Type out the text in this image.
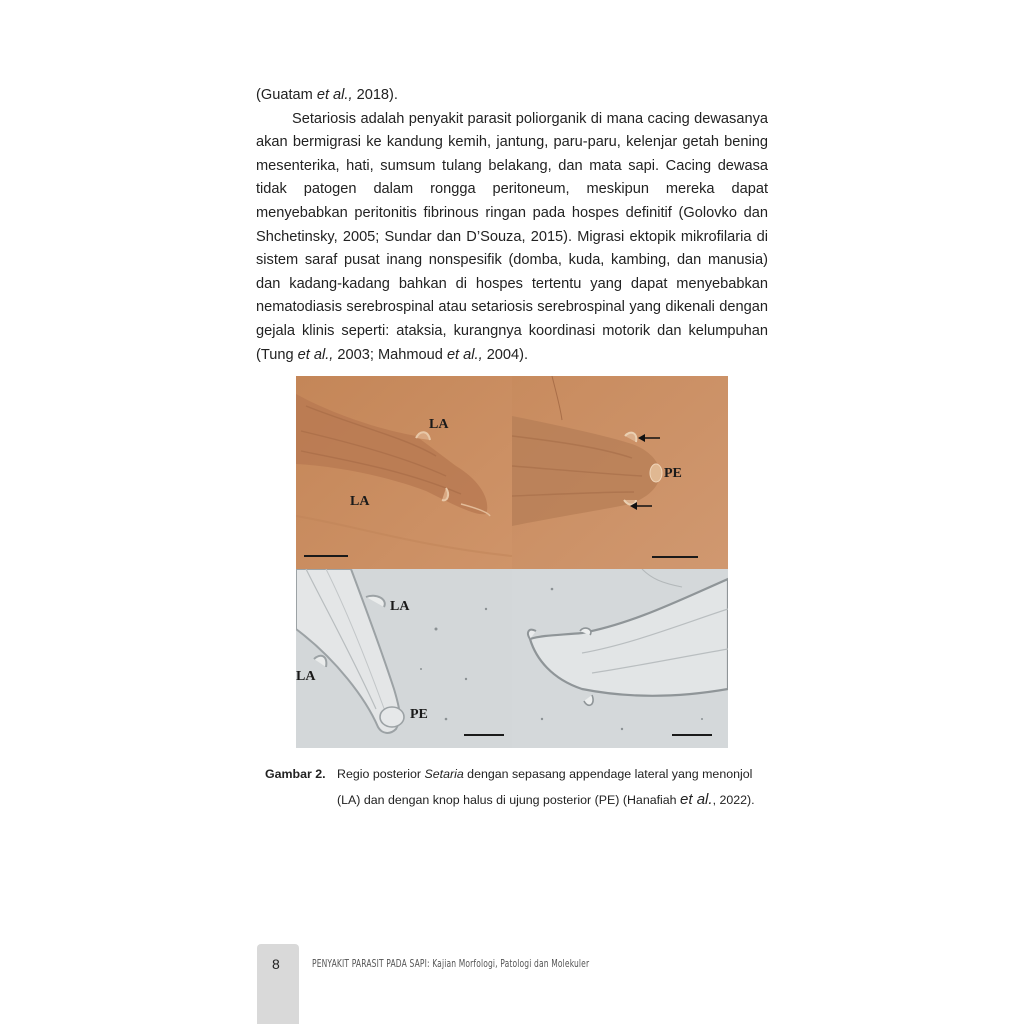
(Guatam et al., 2018).

Setariosis adalah penyakit parasit poliorganik di mana cacing dewasanya akan bermigrasi ke kandung kemih, jantung, paru-paru, kelenjar getah bening mesenterika, hati, sumsum tulang belakang, dan mata sapi. Cacing dewasa tidak patogen dalam rongga peritoneum, meskipun mereka dapat menyebabkan peritonitis fibrinous ringan pada hospes definitif (Golovko dan Shchetinsky, 2005; Sundar dan D’Souza, 2015). Migrasi ektopik mikrofilaria di sistem saraf pusat inang nonspesifik (domba, kuda, kambing, dan manusia) dan kadang-kadang bahkan di hospes tertentu yang dapat menyebabkan nematodiasis serebrospinal atau setariosis serebrospinal yang dikenali dengan gejala klinis seperti: ataksia, kurangnya koordinasi motorik dan kelumpuhan (Tung et al., 2003; Mahmoud et al., 2004).

LA
LA
PE
LA
LA
PE
Gambar 2. Regio posterior Setaria dengan sepasang appendage lateral yang menonjol (LA) dan dengan knop halus di ujung posterior (PE) (Hanafiah et al., 2022).
8	PENYAKIT PARASIT PADA SAPI: Kajian Morfologi, Patologi dan Molekuler
